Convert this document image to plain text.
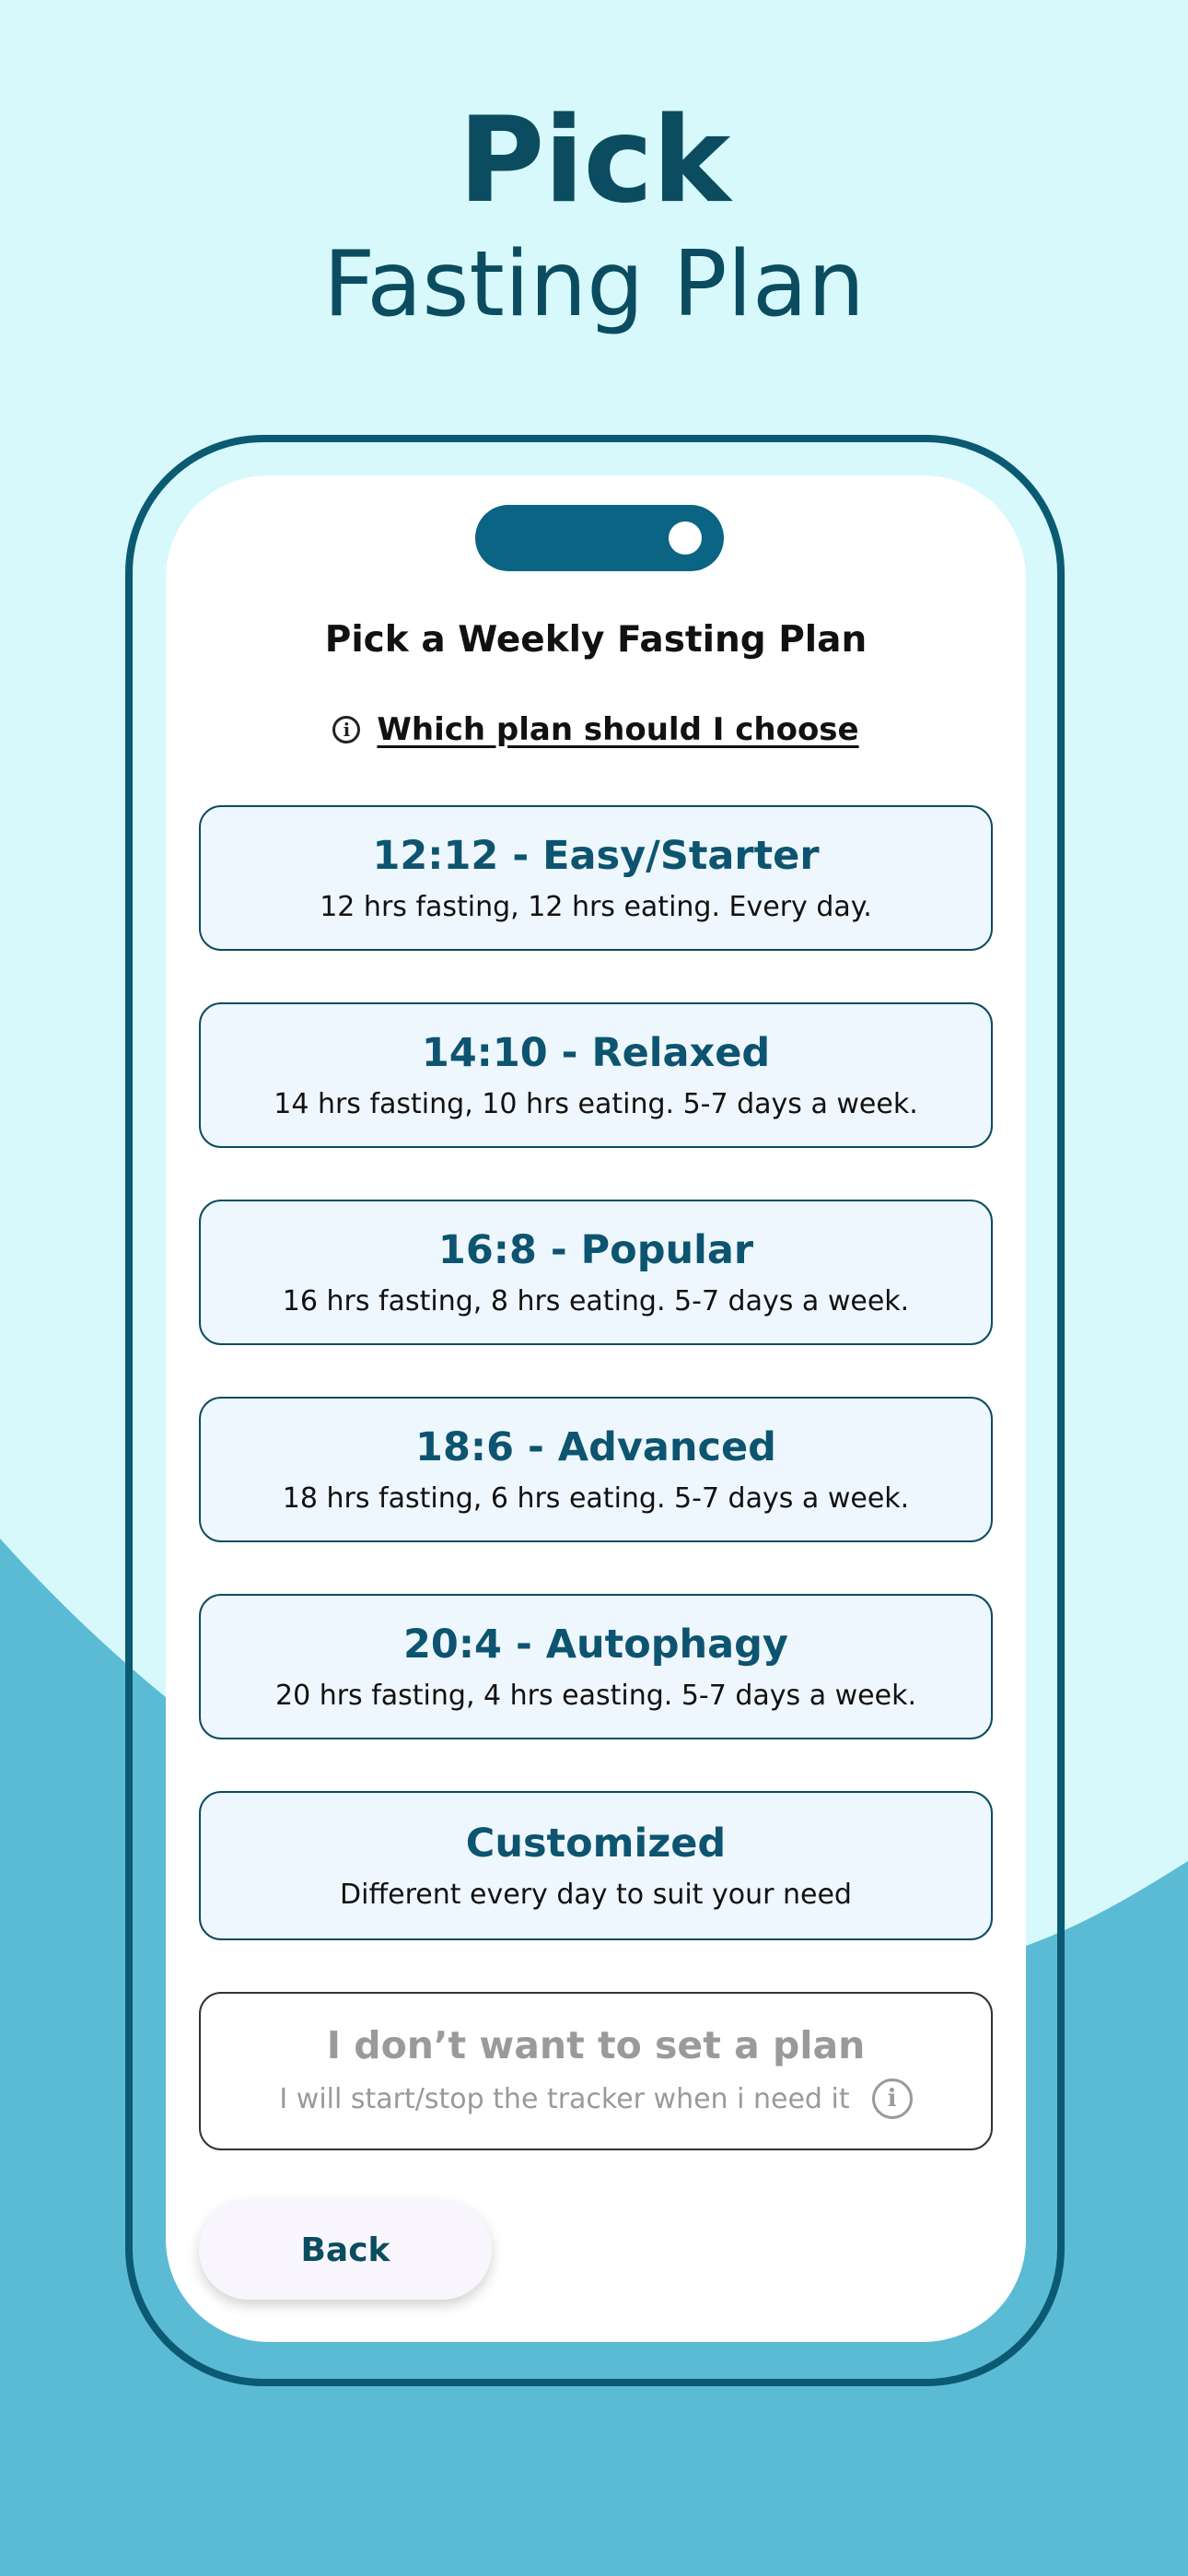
Pick
Fasting Plan
Pick a Weekly Fasting Plan
i Which plan should I choose
12:12 - Easy/Starter
12 hrs fasting, 12 hrs eating. Every day.
14:10 - Relaxed
14 hrs fasting, 10 hrs eating. 5-7 days a week.
16:8 - Popular
16 hrs fasting, 8 hrs eating. 5-7 days a week.
18:6 - Advanced
18 hrs fasting, 6 hrs eating. 5-7 days a week.
20:4 - Autophagy
20 hrs fasting, 4 hrs easting. 5-7 days a week.
Customized
Different every day to suit your need
I don’t want to set a plan
I will start/stop the tracker when i need it	i
Back
